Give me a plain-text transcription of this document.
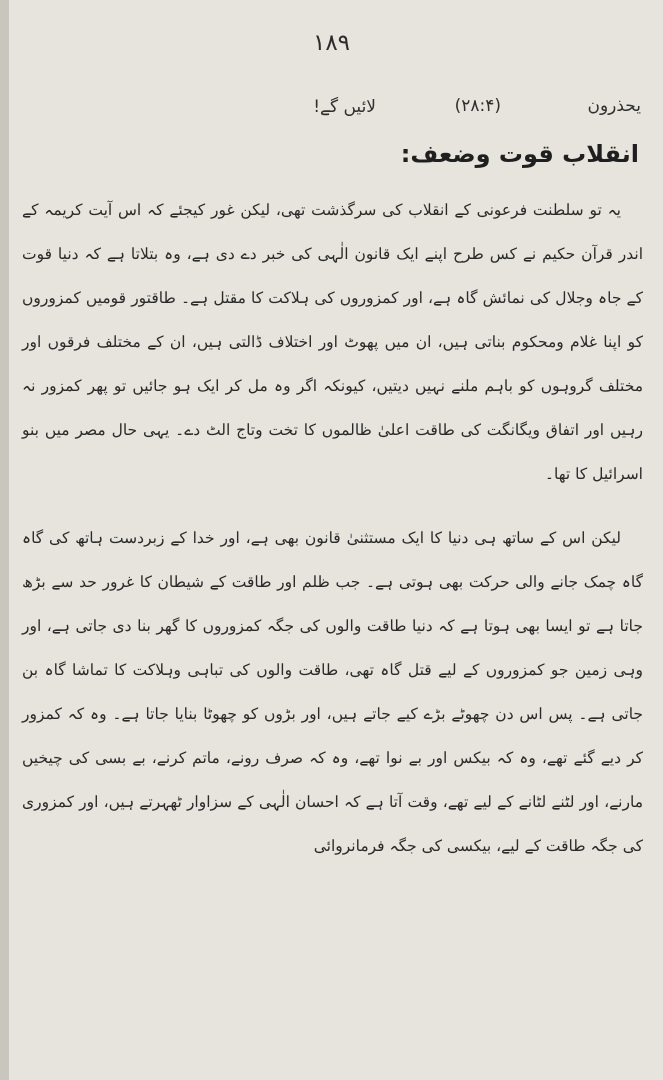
١٨٩
یحذرون
(۲۸:۴)
لائیں گے!
انقلاب قوت وضعف:

یہ تو سلطنت فرعونی کے انقلاب کی سرگذشت تھی، لیکن غور کیجئے کہ اس آیت کریمہ کے اندر قرآن حکیم نے کس طرح اپنے ایک قانون الٰہی کی خبر دے دی ہے، وہ بتلاتا ہے کہ دنیا قوت کے جاہ وجلال کی نمائش گاہ ہے، اور کمزوروں کی ہلاکت کا مقتل ہے۔ طاقتور قومیں کمزوروں کو اپنا غلام ومحکوم بناتی ہیں، ان میں پھوٹ اور اختلاف ڈالتی ہیں، ان کے مختلف فرقوں اور مختلف گروہوں کو باہم ملنے نہیں دیتیں، کیونکہ اگر وہ مل کر ایک ہو جائیں تو پھر کمزور نہ رہیں اور اتفاق ویگانگت کی طاقت اعلیٰ ظالموں کا تخت وتاج الٹ دے۔ یہی حال مصر میں بنو اسرائیل کا تھا۔

لیکن اس کے ساتھ ہی دنیا کا ایک مستثنیٰ قانون بھی ہے، اور خدا کے زبردست ہاتھ کی گاہ گاہ چمک جانے والی حرکت بھی ہوتی ہے۔ جب ظلم اور طاقت کے شیطان کا غرور حد سے بڑھ جاتا ہے تو ایسا بھی ہوتا ہے کہ دنیا طاقت والوں کی جگہ کمزوروں کا گھر بنا دی جاتی ہے، اور وہی زمین جو کمزوروں کے لیے قتل گاہ تھی، طاقت والوں کی تباہی وہلاکت کا تماشا گاہ بن جاتی ہے۔ پس اس دن چھوٹے بڑے کیے جاتے ہیں، اور بڑوں کو چھوٹا بنایا جاتا ہے۔ وہ کہ کمزور کر دیے گئے تھے، وہ کہ بیکس اور بے نوا تھے، وہ کہ صرف رونے، ماتم کرنے، بے بسی کی چیخیں مارنے، اور لٹنے لٹانے کے لیے تھے، وقت آتا ہے کہ احسان الٰہی کے سزاوار ٹھہرتے ہیں، اور کمزوری کی جگہ طاقت کے لیے، بیکسی کی جگہ فرمانروائی
